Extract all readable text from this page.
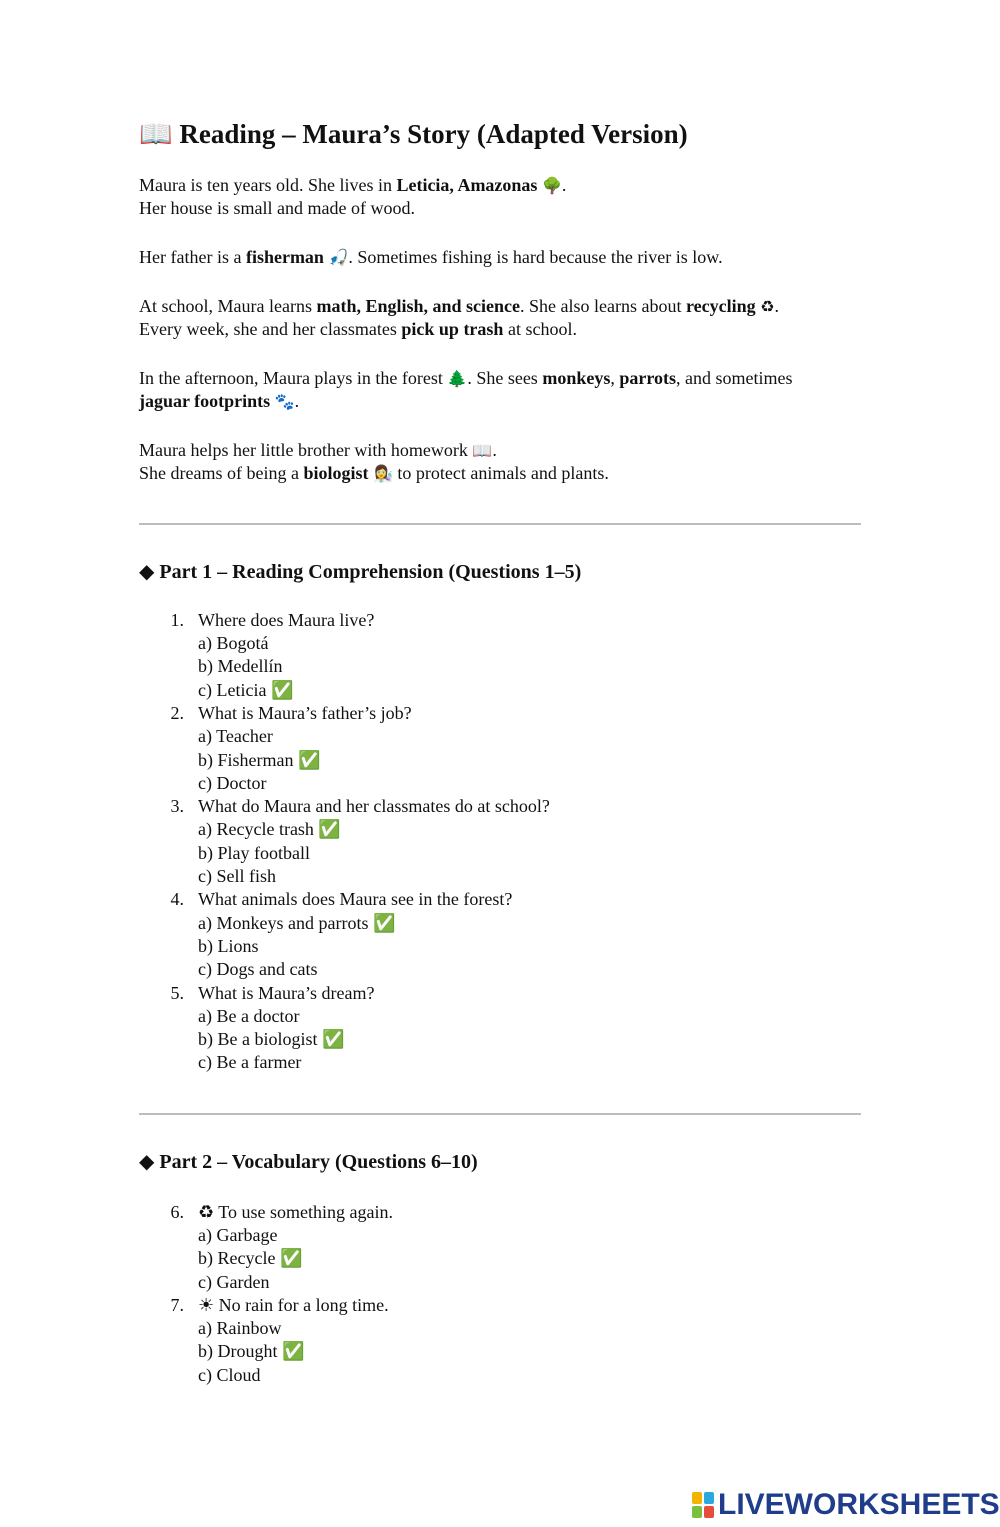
📖 Reading – Maura’s Story (Adapted Version)
Maura is ten years old. She lives in Leticia, Amazonas 🌳.
Her house is small and made of wood.
Her father is a fisherman 🎣. Sometimes fishing is hard because the river is low.
At school, Maura learns math, English, and science. She also learns about recycling ♻.
Every week, she and her classmates pick up trash at school.
In the afternoon, Maura plays in the forest 🌲. She sees monkeys, parrots, and sometimes
jaguar footprints 🐾.
Maura helps her little brother with homework 📖.
She dreams of being a biologist 👩‍🔬 to protect animals and plants.
◆ Part 1 – Reading Comprehension (Questions 1–5)
1. Where does Maura live?
a) Bogotá
b) Medellín
c) Leticia ✅
2. What is Maura’s father’s job?
a) Teacher
b) Fisherman ✅
c) Doctor
3. What do Maura and her classmates do at school?
a) Recycle trash ✅
b) Play football
c) Sell fish
4. What animals does Maura see in the forest?
a) Monkeys and parrots ✅
b) Lions
c) Dogs and cats
5. What is Maura’s dream?
a) Be a doctor
b) Be a biologist ✅
c) Be a farmer
◆ Part 2 – Vocabulary (Questions 6–10)
6. ♻ To use something again.
a) Garbage
b) Recycle ✅
c) Garden
7. ☀ No rain for a long time.
a) Rainbow
b) Drought ✅
c) Cloud
LIVEWORKSHEETS
